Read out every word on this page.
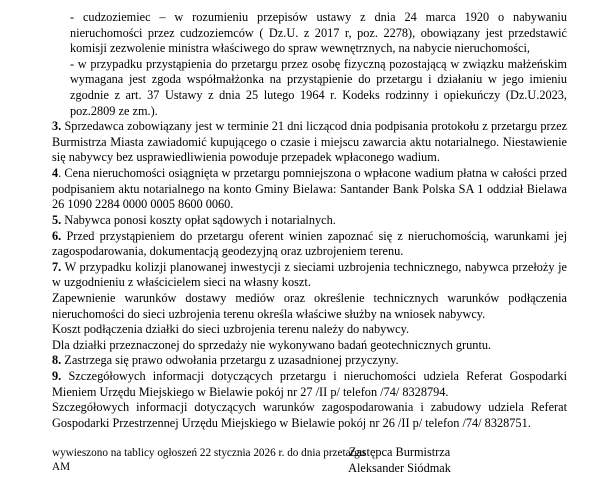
- cudzoziemiec – w rozumieniu przepisów ustawy z dnia 24 marca 1920 o nabywaniu nieruchomości przez cudzoziemców ( Dz.U. z 2017 r, poz. 2278), obowiązany jest przedstawić komisji zezwolenie ministra właściwego do spraw wewnętrznych, na nabycie nieruchomości,

- w przypadku przystąpienia do przetargu przez osobę fizyczną pozostającą w związku małżeńskim wymagana jest zgoda współmałżonka na przystąpienie do przetargu i działaniu w jego imieniu zgodnie z art. 37 Ustawy z dnia 25 lutego 1964 r. Kodeks rodzinny i opiekuńczy (Dz.U.2023, poz.2809 ze zm.).

3. Sprzedawca zobowiązany jest w terminie 21 dni liczącod dnia podpisania protokołu z przetargu przez Burmistrza Miasta zawiadomić kupującego o czasie i miejscu zawarcia aktu notarialnego. Niestawienie się nabywcy bez usprawiedliwienia powoduje przepadek wpłaconego wadium.

4. Cena nieruchomości osiągnięta w przetargu pomniejszona o wpłacone wadium płatna w całości przed podpisaniem aktu notarialnego na konto Gminy Bielawa: Santander Bank Polska SA 1 oddział Bielawa 26 1090 2284 0000 0005 8600 0060.

5. Nabywca ponosi koszty opłat sądowych i notarialnych.

6. Przed przystąpieniem do przetargu oferent winien zapoznać się z nieruchomością, warunkami jej zagospodarowania, dokumentacją geodezyjną oraz uzbrojeniem terenu.

7. W przypadku kolizji planowanej inwestycji z sieciami uzbrojenia technicznego, nabywca przełoży je w uzgodnieniu z właścicielem sieci na własny koszt.

Zapewnienie warunków dostawy mediów oraz określenie technicznych warunków podłączenia nieruchomości do sieci uzbrojenia terenu określa właściwe służby na wniosek nabywcy.

Koszt podłączenia działki do sieci uzbrojenia terenu należy do nabywcy.

Dla działki przeznaczonej do sprzedaży nie wykonywano badań geotechnicznych gruntu.

8. Zastrzega się prawo odwołania przetargu z uzasadnionej przyczyny.

9. Szczegółowych informacji dotyczących przetargu i nieruchomości udziela Referat Gospodarki Mieniem Urzędu Miejskiego w Bielawie pokój nr 27 /II p/ telefon /74/ 8328794.

Szczegółowych informacji dotyczących warunków zagospodarowania i zabudowy udziela Referat Gospodarki Przestrzennej Urzędu Miejskiego w Bielawie pokój nr 26 /II p/ telefon /74/ 8328751.

Zastępca Burmistrza
Aleksander Siódmak
wywieszono na tablicy ogłoszeń 22 stycznia 2026 r. do dnia przetargu
AM
